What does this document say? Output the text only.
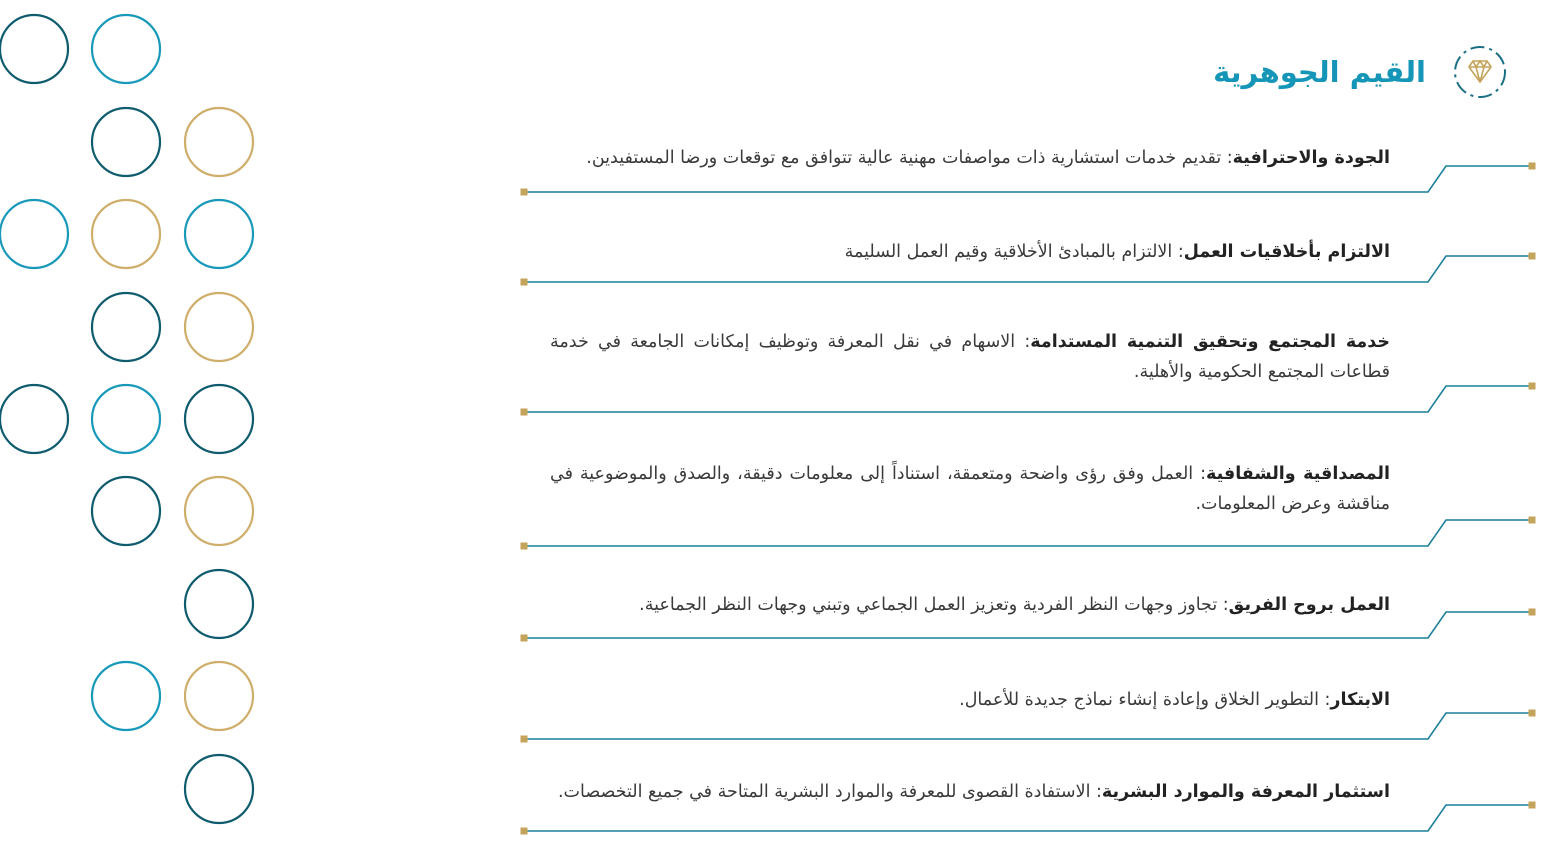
القيم الجوهرية
الجودة والاحترافية: تقديم خدمات استشارية ذات مواصفات مهنية عالية تتوافق مع توقعات ورضا المستفيدين.
الالتزام بأخلاقيات العمل: الالتزام بالمبادئ الأخلاقية وقيم العمل السليمة
خدمة المجتمع وتحقيق التنمية المستدامة: الاسهام في نقل المعرفة وتوظيف إمكانات الجامعة في خدمة قطاعات المجتمع الحكومية والأهلية.
المصداقية والشفافية: العمل وفق رؤى واضحة ومتعمقة، استناداً إلى معلومات دقيقة، والصدق والموضوعية في مناقشة وعرض المعلومات.
العمل بروح الفريق: تجاوز وجهات النظر الفردية وتعزيز العمل الجماعي وتبني وجهات النظر الجماعية.
الابتكار: التطوير الخلاق وإعادة إنشاء نماذج جديدة للأعمال.
استثمار المعرفة والموارد البشرية: الاستفادة القصوى للمعرفة والموارد البشرية المتاحة في جميع التخصصات.
